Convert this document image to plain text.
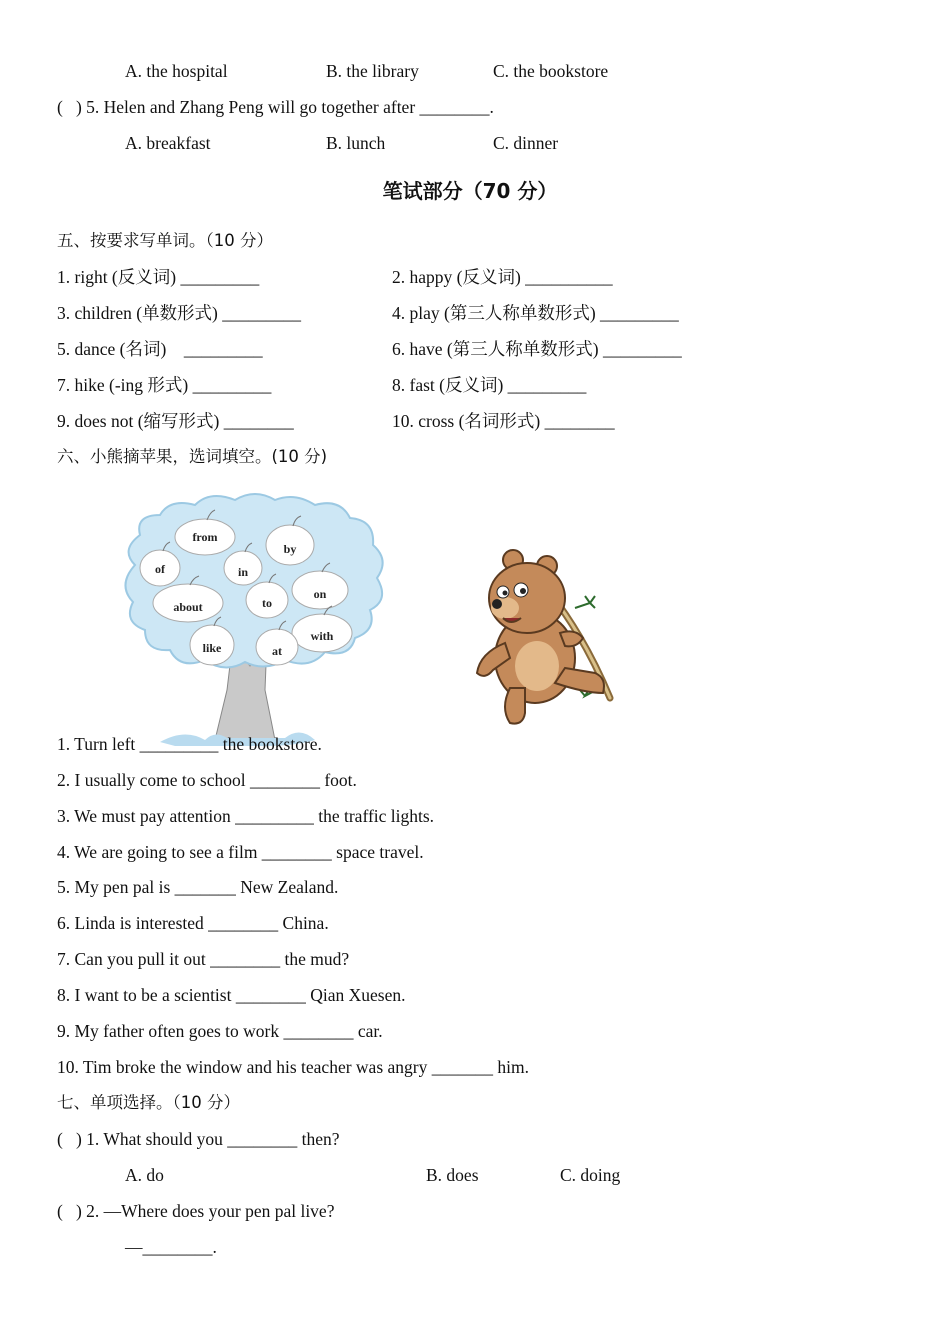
A. the hospital	B. the library	C. the bookstore
(   ) 5. Helen and Zhang Peng will go together after ________.
A. breakfast	B. lunch	C. dinner
笔试部分（70 分）
五、按要求写单词。（10 分）
1. right (反义词) _________	2. happy (反义词) __________
3. children (单数形式) _________	4. play (第三人称单数形式) _________
5. dance (名词)    _________	6. have (第三人称单数形式) _________
7. hike (-ing 形式) _________	8. fast (反义词) _________
9. does not (缩写形式) ________	10. cross (名词形式) ________
六、小熊摘苹果，选词填空。(10 分)
from
by
of	in
on
about	to
with
like	at
1. Turn left _________ the bookstore.
2. I usually come to school ________ foot.
3. We must pay attention _________ the traffic lights.
4. We are going to see a film ________ space travel.
5. My pen pal is _______ New Zealand.
6. Linda is interested ________ China.
7. Can you pull it out ________ the mud?
8. I want to be a scientist ________ Qian Xuesen.
9. My father often goes to work ________ car.
10. Tim broke the window and his teacher was angry _______ him.
七、单项选择。（10 分）
(   ) 1. What should you ________ then?
A. do	B. does	C. doing
(   ) 2. —Where does your pen pal live?
—________.
